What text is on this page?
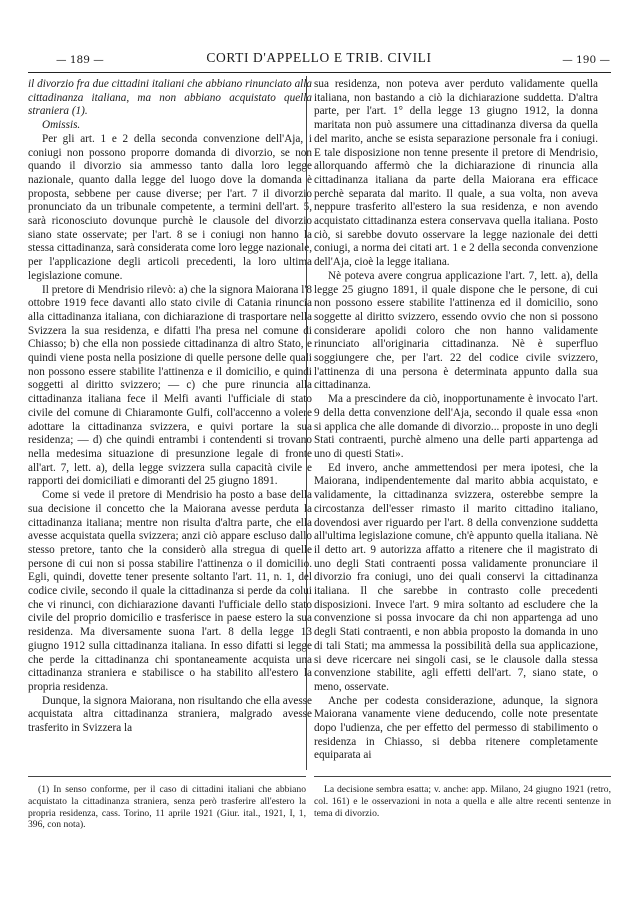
— 189 —	CORTI D'APPELLO E TRIB. CIVILI	— 190 —

il divorzio fra due cittadini italiani che abbiano rinunciato alla cittadinanza italiana, ma non abbiano acquistato quella straniera (1).

Omissis.

Per gli art. 1 e 2 della seconda convenzione dell'Aja, i coniugi non possono proporre domanda di divorzio, se non quando il divorzio sia ammesso tanto dalla loro legge nazionale, quanto dalla legge del luogo dove la domanda è proposta, sebbene per cause diverse; per l'art. 7 il divorzio pronunciato da un tribunale competente, a termini dell'art. 5, sarà riconosciuto dovunque purchè le clausole del divorzio siano state osservate; per l'art. 8 se i coniugi non hanno la stessa cittadinanza, sarà considerata come loro legge nazionale, per l'applicazione degli articoli precedenti, la loro ultima legislazione comune.

Il pretore di Mendrisio rilevò: a) che la signora Maiorana l'8 ottobre 1919 fece davanti allo stato civile di Catania rinuncia alla cittadinanza italiana, con dichiarazione di trasportare nella Svizzera la sua residenza, e difatti l'ha presa nel comune di Chiasso; b) che ella non possiede cittadinanza di altro Stato, e quindi viene posta nella posizione di quelle persone delle quali non possono essere stabilite l'attinenza e il domicilio, e quindi soggetti al diritto svizzero; — c) che pure rinuncia alla cittadinanza italiana fece il Melfi avanti l'ufficiale di stato civile del comune di Chiaramonte Gulfi, coll'accenno a volere adottare la cittadinanza svizzera, e quivi portare la sua residenza; — d) che quindi entrambi i contendenti si trovano nella medesima situazione di presunzione legale di fronte all'art. 7, lett. a), della legge svizzera sulla capacità civile e rapporti dei domiciliati e dimoranti del 25 giugno 1891.

Come si vede il pretore di Mendrisio ha posto a base della sua decisione il concetto che la Maiorana avesse perduta la cittadinanza italiana; mentre non risulta d'altra parte, che ella avesse acquistata quella svizzera; anzi ciò appare escluso dallo stesso pretore, tanto che la considerò alla stregua di quelle persone di cui non si possa stabilire l'attinenza o il domicilio. Egli, quindi, dovette tener presente soltanto l'art. 11, n. 1, del codice civile, secondo il quale la cittadinanza si perde da colui che vi rinunci, con dichiarazione davanti l'ufficiale dello stato civile del proprio domicilio e trasferisce in paese estero la sua residenza. Ma diversamente suona l'art. 8 della legge 13 giugno 1912 sulla cittadinanza italiana. In esso difatti si legge che perde la cittadinanza chi spontaneamente acquista una cittadinanza straniera e stabilisce o ha stabilito all'estero la propria residenza.

Dunque, la signora Maiorana, non risultando che ella avesse acquistata altra cittadinanza straniera, malgrado avesse trasferito in Svizzera la

sua residenza, non poteva aver perduto validamente quella italiana, non bastando a ciò la dichiarazione suddetta. D'altra parte, per l'art. 1° della legge 13 giugno 1912, la donna maritata non può assumere una cittadinanza diversa da quella del marito, anche se esista separazione personale fra i coniugi. E tale disposizione non tenne presente il pretore di Mendrisio, allorquando affermò che la dichiarazione di rinuncia alla cittadinanza italiana da parte della Maiorana era efficace perchè separata dal marito. Il quale, a sua volta, non aveva neppure trasferito all'estero la sua residenza, e non avendo acquistato cittadinanza estera conservava quella italiana. Posto ciò, si sarebbe dovuto osservare la legge nazionale dei detti coniugi, a norma dei citati art. 1 e 2 della seconda convenzione dell'Aja, cioè la legge italiana.

Nè poteva avere congrua applicazione l'art. 7, lett. a), della legge 25 giugno 1891, il quale dispone che le persone, di cui non possono essere stabilite l'attinenza ed il domicilio, sono soggette al diritto svizzero, essendo ovvio che non si possono considerare apolidi coloro che non hanno validamente rinunciato all'originaria cittadinanza. Nè è superfluo soggiungere che, per l'art. 22 del codice civile svizzero, l'attinenza di una persona è determinata appunto dalla sua cittadinanza.

Ma a prescindere da ciò, inopportunamente è invocato l'art. 9 della detta convenzione dell'Aja, secondo il quale essa «non si applica che alle domande di divorzio... proposte in uno degli Stati contraenti, purchè almeno una delle parti appartenga ad uno di questi Stati».

Ed invero, anche ammettendosi per mera ipotesi, che la Maiorana, indipendentemente dal marito abbia acquistato, e validamente, la cittadinanza svizzera, osterebbe sempre la circostanza dell'esser rimasto il marito cittadino italiano, dovendosi aver riguardo per l'art. 8 della convenzione suddetta all'ultima legislazione comune, ch'è appunto quella italiana. Nè il detto art. 9 autorizza affatto a ritenere che il magistrato di uno degli Stati contraenti possa validamente pronunciare il divorzio fra coniugi, uno dei quali conservi la cittadinanza italiana. Il che sarebbe in contrasto colle precedenti disposizioni. Invece l'art. 9 mira soltanto ad escludere che la convenzione si possa invocare da chi non appartenga ad uno degli Stati contraenti, e non abbia proposto la domanda in uno di tali Stati; ma ammessa la possibilità della sua applicazione, si deve ricercare nei singoli casi, se le clausole dalla stessa convenzione stabilite, agli effetti dell'art. 7, siano state, o meno, osservate.

Anche per codesta considerazione, adunque, la signora Maiorana vanamente viene deducendo, colle note presentate dopo l'udienza, che per effetto del permesso di stabilimento o residenza in Chiasso, si debba ritenere completamente equiparata ai

(1) In senso conforme, per il caso di cittadini italiani che abbiano acquistato la cittadinanza straniera, senza però trasferire all'estero la propria residenza, cass. Torino, 11 aprile 1921 (Giur. ital., 1921, I, 1, 396, con nota).

La decisione sembra esatta; v. anche: app. Milano, 24 giugno 1921 (retro, col. 161) e le osservazioni in nota a quella e alle altre recenti sentenze in tema di divorzio.
